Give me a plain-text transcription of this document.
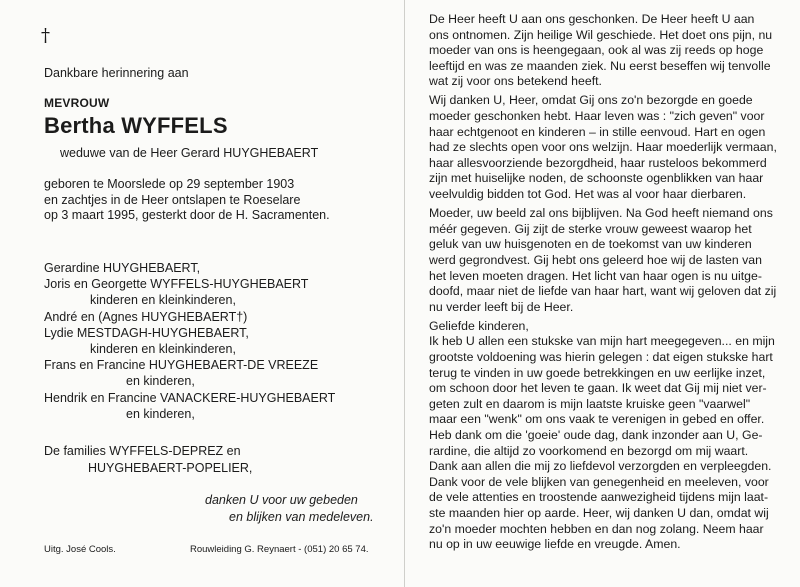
†
Dankbare herinnering aan
MEVROUW
Bertha WYFFELS
weduwe van de Heer Gerard HUYGHEBAERT
geboren te Moorslede op 29 september 1903
en zachtjes in de Heer ontslapen te Roeselare
op 3 maart 1995, gesterkt door de H. Sacramenten.
Gerardine HUYGHEBAERT,
Joris en Georgette WYFFELS-HUYGHEBAERT
kinderen en kleinkinderen,
André en (Agnes HUYGHEBAERT†)
Lydie MESTDAGH-HUYGHEBAERT,
kinderen en kleinkinderen,
Frans en Francine HUYGHEBAERT-DE VREEZE
en kinderen,
Hendrik en Francine VANACKERE-HUYGHEBAERT
en kinderen,
De families WYFFELS-DEPREZ en
HUYGHEBAERT-POPELIER,
danken U voor uw gebeden
en blijken van medeleven.
Uitg. José Cools.	Rouwleiding G. Reynaert - (051) 20 65 74.
De Heer heeft U aan ons geschonken. De Heer heeft U aan
ons ontnomen. Zijn heilige Wil geschiede. Het doet ons pijn, nu
moeder van ons is heengegaan, ook al was zij reeds op hoge
leeftijd en was ze maanden ziek. Nu eerst beseffen wij tenvolle
wat zij voor ons betekend heeft.
Wij danken U, Heer, omdat Gij ons zo'n bezorgde en goede
moeder geschonken hebt. Haar leven was : "zich geven" voor
haar echtgenoot en kinderen – in stille eenvoud. Hart en ogen
had ze slechts open voor ons welzijn. Haar moederlijk vermaan,
haar allesvoorziende bezorgdheid, haar rusteloos bekommerd
zijn met huiselijke noden, de schoonste ogenblikken van haar
veelvuldig bidden tot God. Het was al voor haar dierbaren.
Moeder, uw beeld zal ons bijblijven. Na God heeft niemand ons
méér gegeven. Gij zijt de sterke vrouw geweest waarop het
geluk van uw huisgenoten en de toekomst van uw kinderen
werd gegrondvest. Gij hebt ons geleerd hoe wij de lasten van
het leven moeten dragen. Het licht van haar ogen is nu uitge-
doofd, maar niet de liefde van haar hart, want wij geloven dat zij
nu verder leeft bij de Heer.
Geliefde kinderen,
Ik heb U allen een stukske van mijn hart meegegeven... en mijn
grootste voldoening was hierin gelegen : dat eigen stukske hart
terug te vinden in uw goede betrekkingen en uw eerlijke inzet,
om schoon door het leven te gaan. Ik weet dat Gij mij niet ver-
geten zult en daarom is mijn laatste kruiske geen "vaarwel"
maar een "wenk" om ons vaak te verenigen in gebed en offer.
Heb dank om die 'goeie' oude dag, dank inzonder aan U, Ge-
rardine, die altijd zo voorkomend en bezorgd om mij waart.
Dank aan allen die mij zo liefdevol verzorgden en verpleegden.
Dank voor de vele blijken van genegenheid en meeleven, voor
de vele attenties en troostende aanwezigheid tijdens mijn laat-
ste maanden hier op aarde. Heer, wij danken U dan, omdat wij
zo'n moeder mochten hebben en dan nog zolang. Neem haar
nu op in uw eeuwige liefde en vreugde. Amen.
